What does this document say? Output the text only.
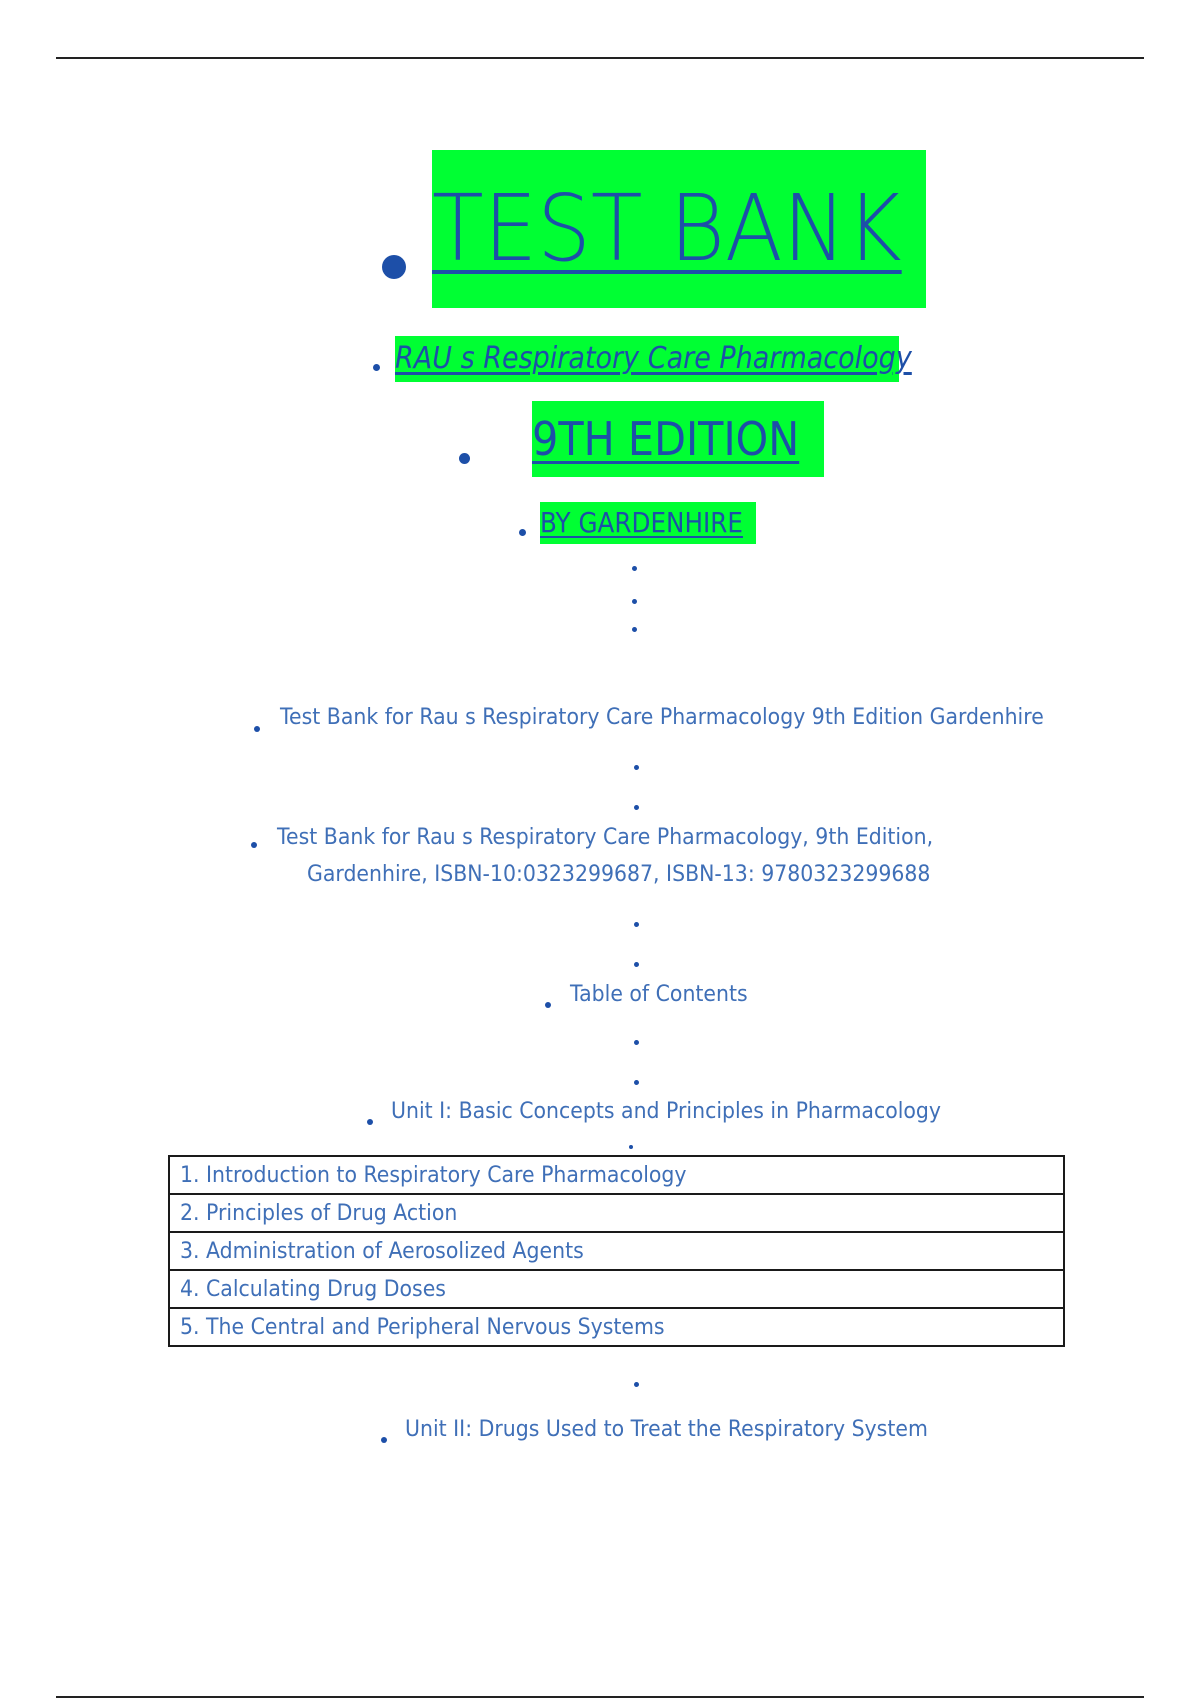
TEST BANK
RAU s Respiratory Care Pharmacology
9TH EDITION
BY GARDENHIRE
Test Bank for Rau s Respiratory Care Pharmacology 9th Edition Gardenhire
Test Bank for Rau s Respiratory Care Pharmacology, 9th Edition,
Gardenhire, ISBN-10:0323299687, ISBN-13: 9780323299688
Table of Contents
Unit I: Basic Concepts and Principles in Pharmacology
1. Introduction to Respiratory Care Pharmacology
2. Principles of Drug Action
3. Administration of Aerosolized Agents
4. Calculating Drug Doses
5. The Central and Peripheral Nervous Systems
Unit II: Drugs Used to Treat the Respiratory System
